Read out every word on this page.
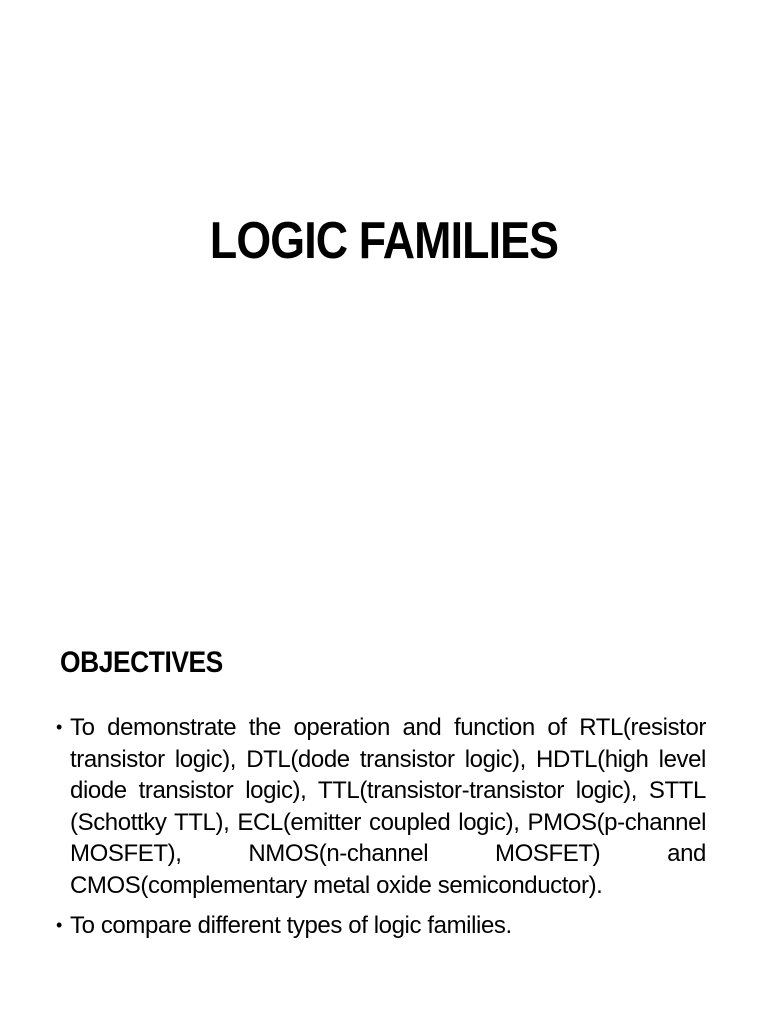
LOGIC FAMILIES
OBJECTIVES
• To demonstrate the operation and function of RTL(resistor transistor logic), DTL(dode transistor logic), HDTL(high level diode transistor logic), TTL(transistor-transistor logic), STTL (Schottky TTL), ECL(emitter coupled logic), PMOS(p-channel MOSFET), NMOS(n-channel MOSFET) and CMOS(complementary metal oxide semiconductor).
• To compare different types of logic families.
